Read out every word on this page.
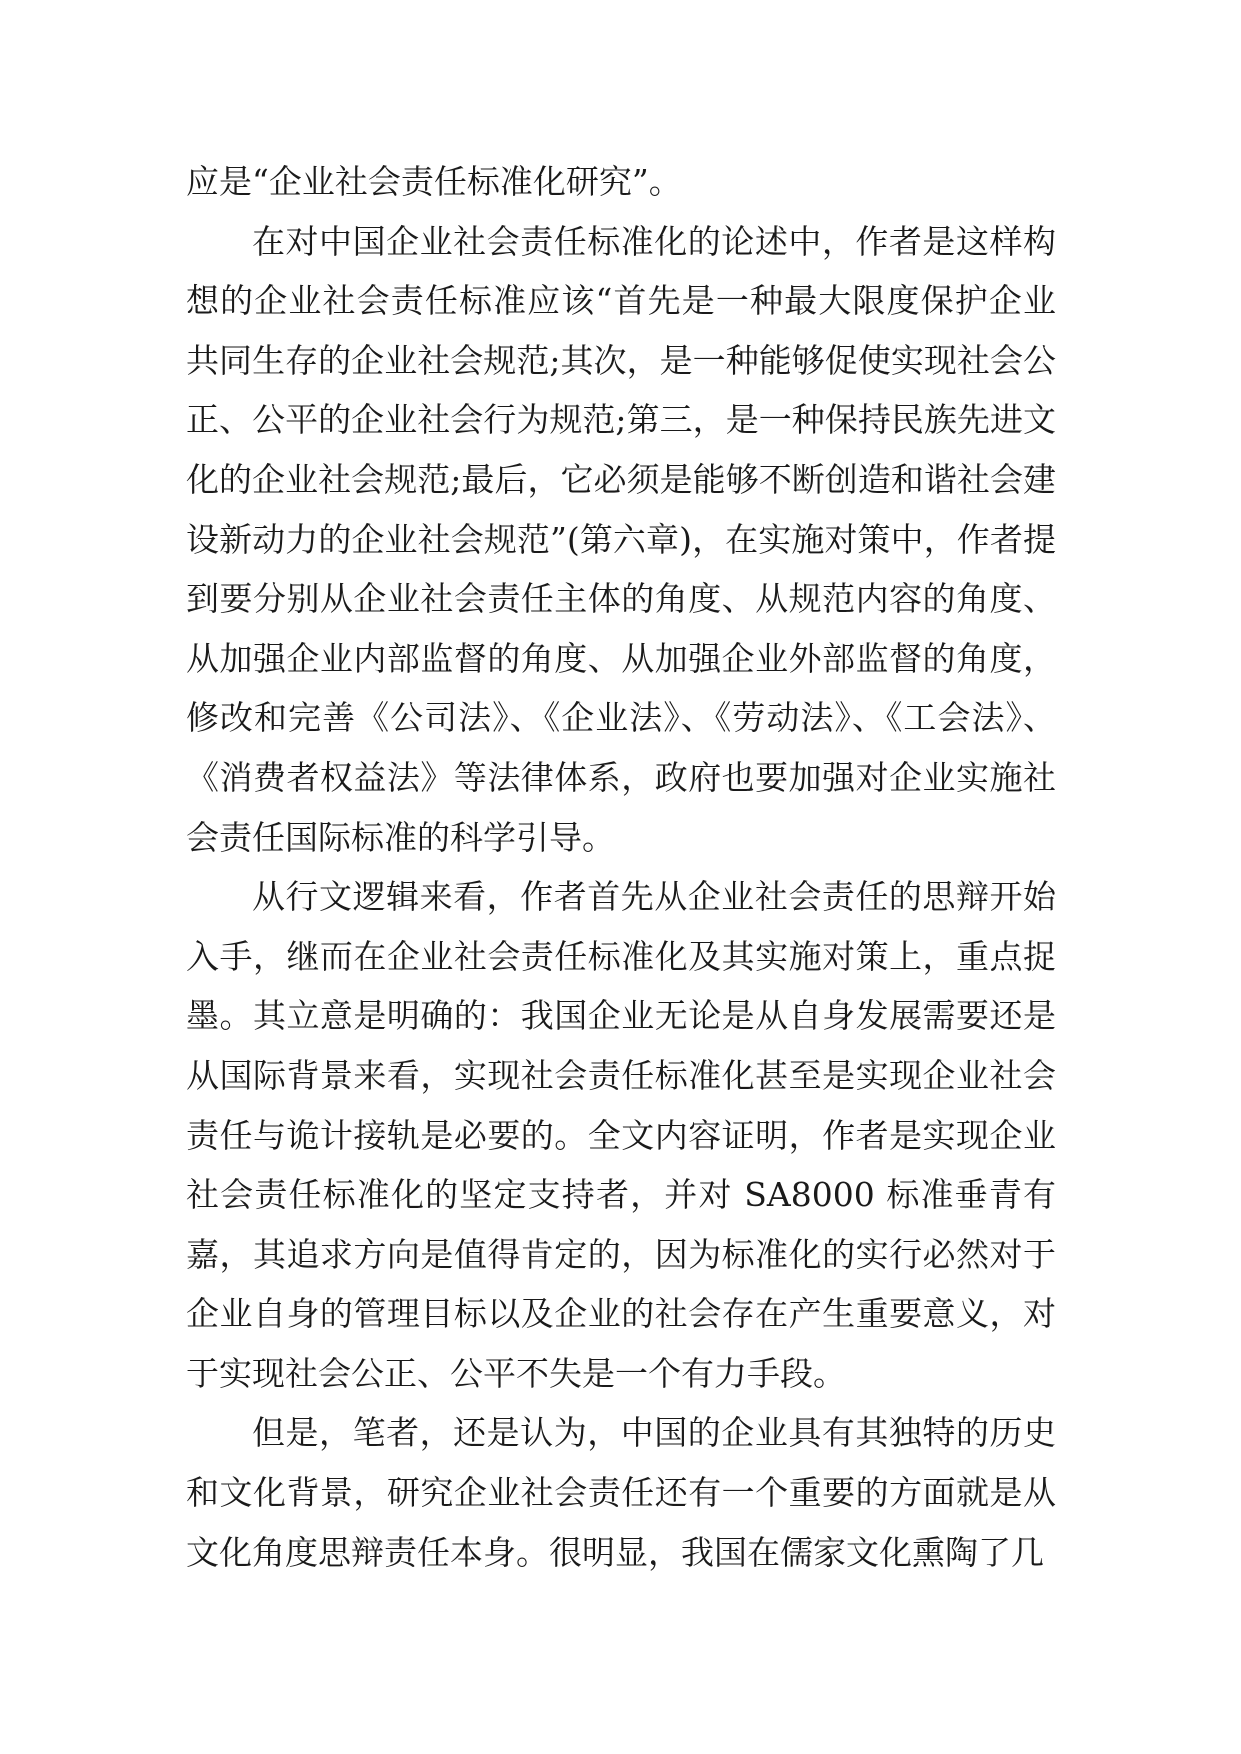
应是“企业社会责任标准化研究”。

在对中国企业社会责任标准化的论述中，作者是这样构想的企业社会责任标准应该“首先是一种最大限度保护企业共同生存的企业社会规范;其次，是一种能够促使实现社会公正、公平的企业社会行为规范;第三，是一种保持民族先进文化的企业社会规范;最后，它必须是能够不断创造和谐社会建设新动力的企业社会规范”(第六章)，在实施对策中，作者提到要分别从企业社会责任主体的角度、从规范内容的角度、从加强企业内部监督的角度、从加强企业外部监督的角度，修改和完善《公司法》、《企业法》、《劳动法》、《工会法》、《消费者权益法》等法律体系，政府也要加强对企业实施社会责任国际标准的科学引导。

从行文逻辑来看，作者首先从企业社会责任的思辩开始入手，继而在企业社会责任标准化及其实施对策上，重点捉墨。其立意是明确的：我国企业无论是从自身发展需要还是从国际背景来看，实现社会责任标准化甚至是实现企业社会责任与诡计接轨是必要的。全文内容证明，作者是实现企业社会责任标准化的坚定支持者，并对 SA8000 标准垂青有嘉，其追求方向是值得肯定的，因为标准化的实行必然对于企业自身的管理目标以及企业的社会存在产生重要意义，对于实现社会公正、公平不失是一个有力手段。

但是，笔者，还是认为，中国的企业具有其独特的历史和文化背景，研究企业社会责任还有一个重要的方面就是从文化角度思辩责任本身。很明显，我国在儒家文化熏陶了几
